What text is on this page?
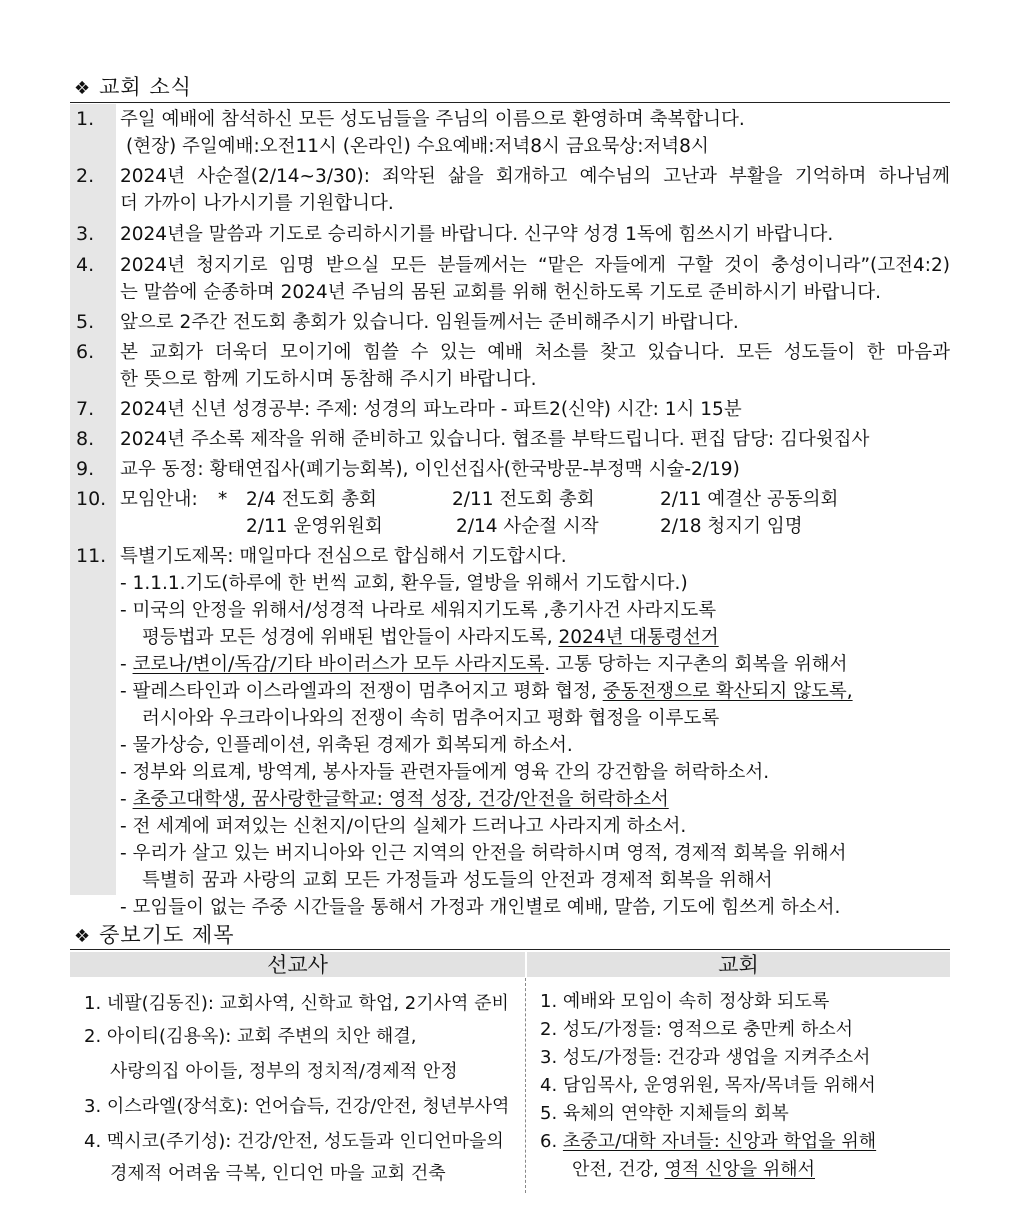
❖ 교회 소식
1.	주일 예배에 참석하신 모든 성도님들을 주님의 이름으로 환영하며 축복합니다.
(현장) 주일예배:오전11시 (온라인) 수요예배:저녁8시 금요묵상:저녁8시
2.	2024년 사순절(2/14~3/30): 죄악된 삶을 회개하고 예수님의 고난과 부활을 기억하며 하나님께
더 가까이 나가시기를 기원합니다.
3.	2024년을 말씀과 기도로 승리하시기를 바랍니다. 신구약 성경 1독에 힘쓰시기 바랍니다.
4.	2024년 청지기로 임명 받으실 모든 분들께서는 “맡은 자들에게 구할 것이 충성이니라”(고전4:2)
는 말씀에 순종하며 2024년 주님의 몸된 교회를 위해 헌신하도록 기도로 준비하시기 바랍니다.
5.	앞으로 2주간 전도회 총회가 있습니다. 임원들께서는 준비해주시기 바랍니다.
6.	본 교회가 더욱더 모이기에 힘쓸 수 있는 예배 처소를 찾고 있습니다. 모든 성도들이 한 마음과
한 뜻으로 함께 기도하시며 동참해 주시기 바랍니다.
7.	2024년 신년 성경공부: 주제: 성경의 파노라마 - 파트2(신약) 시간: 1시 15분
8.	2024년 주소록 제작을 위해 준비하고 있습니다. 협조를 부탁드립니다. 편집 담당: 김다윗집사
9.	교우 동정: 황태연집사(폐기능회복), 이인선집사(한국방문-부정맥 시술-2/19)
10. 모임안내: * 2/4 전도회 총회	2/11 전도회 총회	2/11 예결산 공동의회
2/11 운영위원회	2/14 사순절 시작	2/18 청지기 임명
11. 특별기도제목: 매일마다 전심으로 합심해서 기도합시다.
- 1.1.1.기도(하루에 한 번씩 교회, 환우들, 열방을 위해서 기도합시다.)
- 미국의 안정을 위해서/성경적 나라로 세워지기도록 ,총기사건 사라지도록
평등법과 모든 성경에 위배된 법안들이 사라지도록, 2024년 대통령선거
- 코로나/변이/독감/기타 바이러스가 모두 사라지도록. 고통 당하는 지구촌의 회복을 위해서
- 팔레스타인과 이스라엘과의 전쟁이 멈추어지고 평화 협정, 중동전쟁으로 확산되지 않도록,
러시아와 우크라이나와의 전쟁이 속히 멈추어지고 평화 협정을 이루도록
- 물가상승, 인플레이션, 위축된 경제가 회복되게 하소서.
- 정부와 의료계, 방역계, 봉사자들 관련자들에게 영육 간의 강건함을 허락하소서.
- 초중고대학생, 꿈사랑한글학교: 영적 성장, 건강/안전을 허락하소서
- 전 세계에 퍼져있는 신천지/이단의 실체가 드러나고 사라지게 하소서.
- 우리가 살고 있는 버지니아와 인근 지역의 안전을 허락하시며 영적, 경제적 회복을 위해서
특별히 꿈과 사랑의 교회 모든 가정들과 성도들의 안전과 경제적 회복을 위해서
- 모임들이 없는 주중 시간들을 통해서 가정과 개인별로 예배, 말씀, 기도에 힘쓰게 하소서.
❖ 중보기도 제목
선교사	교회
1. 네팔(김동진): 교회사역, 신학교 학업, 2기사역 준비
2. 아이티(김용옥): 교회 주변의 치안 해결,
사랑의집 아이들, 정부의 정치적/경제적 안정
3. 이스라엘(장석호): 언어습득, 건강/안전, 청년부사역
4. 멕시코(주기성): 건강/안전, 성도들과 인디언마을의
경제적 어려움 극복, 인디언 마을 교회 건축
1. 예배와 모임이 속히 정상화 되도록
2. 성도/가정들: 영적으로 충만케 하소서
3. 성도/가정들: 건강과 생업을 지켜주소서
4. 담임목사, 운영위원, 목자/목녀들 위해서
5. 육체의 연약한 지체들의 회복
6. 초중고/대학 자녀들: 신앙과 학업을 위해
안전, 건강, 영적 신앙을 위해서
